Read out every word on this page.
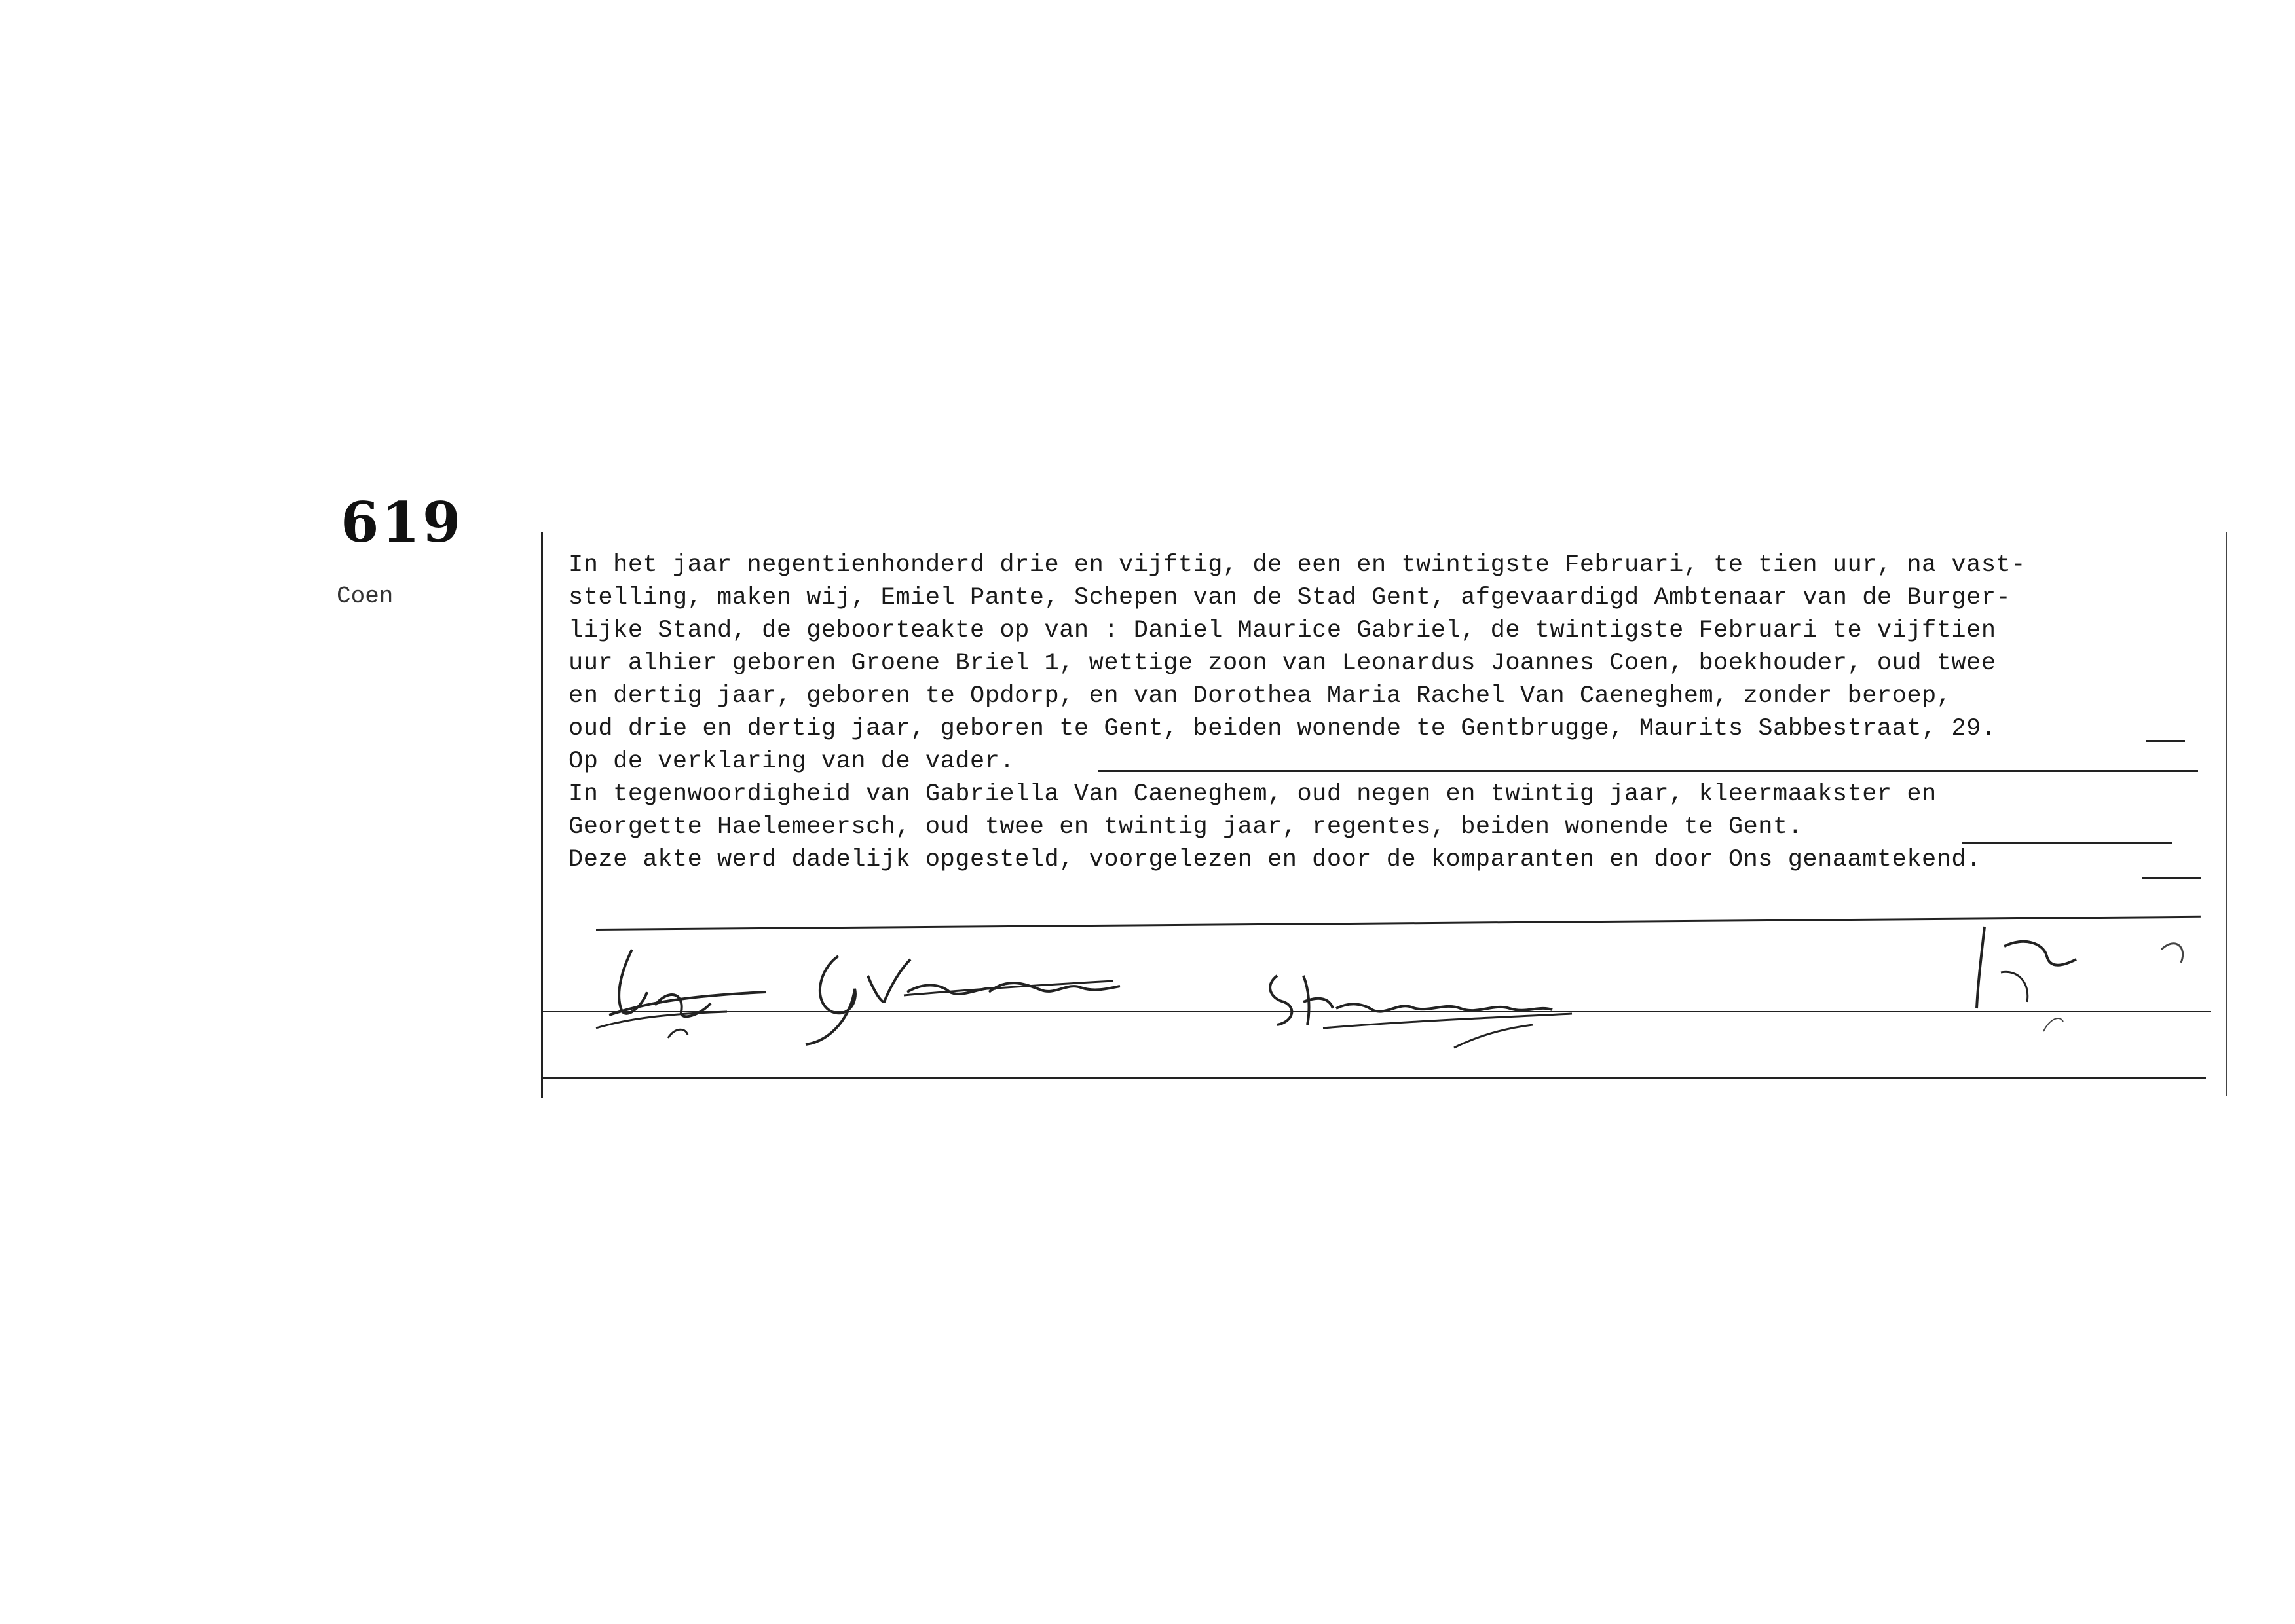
619
Coen
In het jaar negentienhonderd drie en vijftig, de een en twintigste Februari, te tien uur, na vast-
stelling, maken wij, Emiel Pante, Schepen van de Stad Gent, afgevaardigd Ambtenaar van de Burger-
lijke Stand, de geboorteakte op van : Daniel Maurice Gabriel, de twintigste Februari te vijftien
uur alhier geboren Groene Briel 1, wettige zoon van Leonardus Joannes Coen, boekhouder, oud twee
en dertig jaar, geboren te Opdorp, en van Dorothea Maria Rachel Van Caeneghem, zonder beroep,
oud drie en dertig jaar, geboren te Gent, beiden wonende te Gentbrugge, Maurits Sabbestraat, 29.
Op de verklaring van de vader.
In tegenwoordigheid van Gabriella Van Caeneghem, oud negen en twintig jaar, kleermaakster en
Georgette Haelemeersch, oud twee en twintig jaar, regentes, beiden wonende te Gent.
Deze akte werd dadelijk opgesteld, voorgelezen en door de komparanten en door Ons genaamtekend.
